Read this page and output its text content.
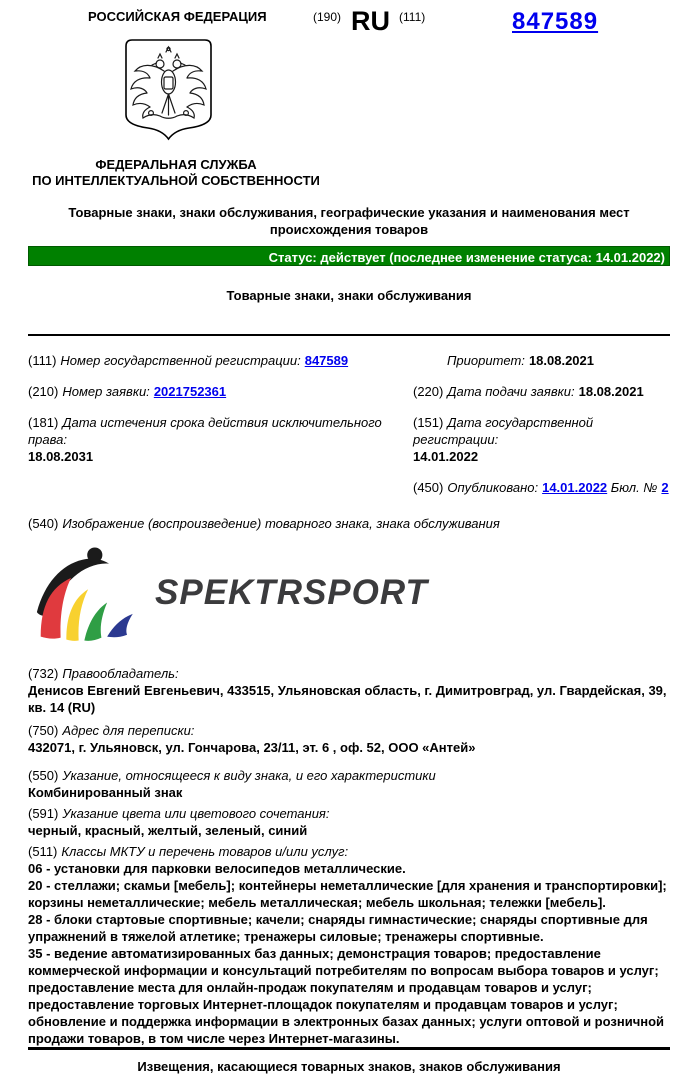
РОССИЙСКАЯ ФЕДЕРАЦИЯ	(190) RU (111)	847589
ФЕДЕРАЛЬНАЯ СЛУЖБА
ПО ИНТЕЛЛЕКТУАЛЬНОЙ СОБСТВЕННОСТИ
Товарные знаки, знаки обслуживания, географические указания и наименования мест происхождения товаров
Статус: действует (последнее изменение статуса: 14.01.2022)
Товарные знаки, знаки обслуживания

(111) Номер государственной регистрации: 847589

(210) Номер заявки: 2021752361

(181) Дата истечения срока действия исключительного права:
18.08.2031

Приоритет: 18.08.2021

(220) Дата подачи заявки: 18.08.2021

(151) Дата государственной регистрации:
14.01.2022

(450) Опубликовано: 14.01.2022 Бюл. № 2

(540) Изображение (воспроизведение) товарного знака, знака обслуживания

SPEKTRSPORT
(732) Правообладатель:
Денисов Евгений Евгеньевич, 433515, Ульяновская область, г. Димитровград, ул. Гвардейская, 39, кв. 14 (RU)
(750) Адрес для переписки:
432071, г. Ульяновск, ул. Гончарова, 23/11, эт. 6 , оф. 52, ООО «Антей»
(550) Указание, относящееся к виду знака, и его характеристики
Комбинированный знак
(591) Указание цвета или цветового сочетания:
черный, красный, желтый, зеленый, синий
(511) Классы МКТУ и перечень товаров и/или услуг:
06 - установки для парковки велосипедов металлические.
20 - стеллажи; скамьи [мебель]; контейнеры неметаллические [для хранения и транспортировки]; корзины неметаллические; мебель металлическая; мебель школьная; тележки [мебель].
28 - блоки стартовые спортивные; качели; снаряды гимнастические; снаряды спортивные для упражнений в тяжелой атлетике; тренажеры силовые; тренажеры спортивные.
35 - ведение автоматизированных баз данных; демонстрация товаров; предоставление коммерческой информации и консультаций потребителям по вопросам выбора товаров и услуг; предоставление места для онлайн-продаж покупателям и продавцам товаров и услуг; предоставление торговых Интернет-площадок покупателям и продавцам товаров и услуг; обновление и поддержка информации в электронных базах данных; услуги оптовой и розничной продажи товаров, в том числе через Интернет-магазины.
Извещения, касающиеся товарных знаков, знаков обслуживания
